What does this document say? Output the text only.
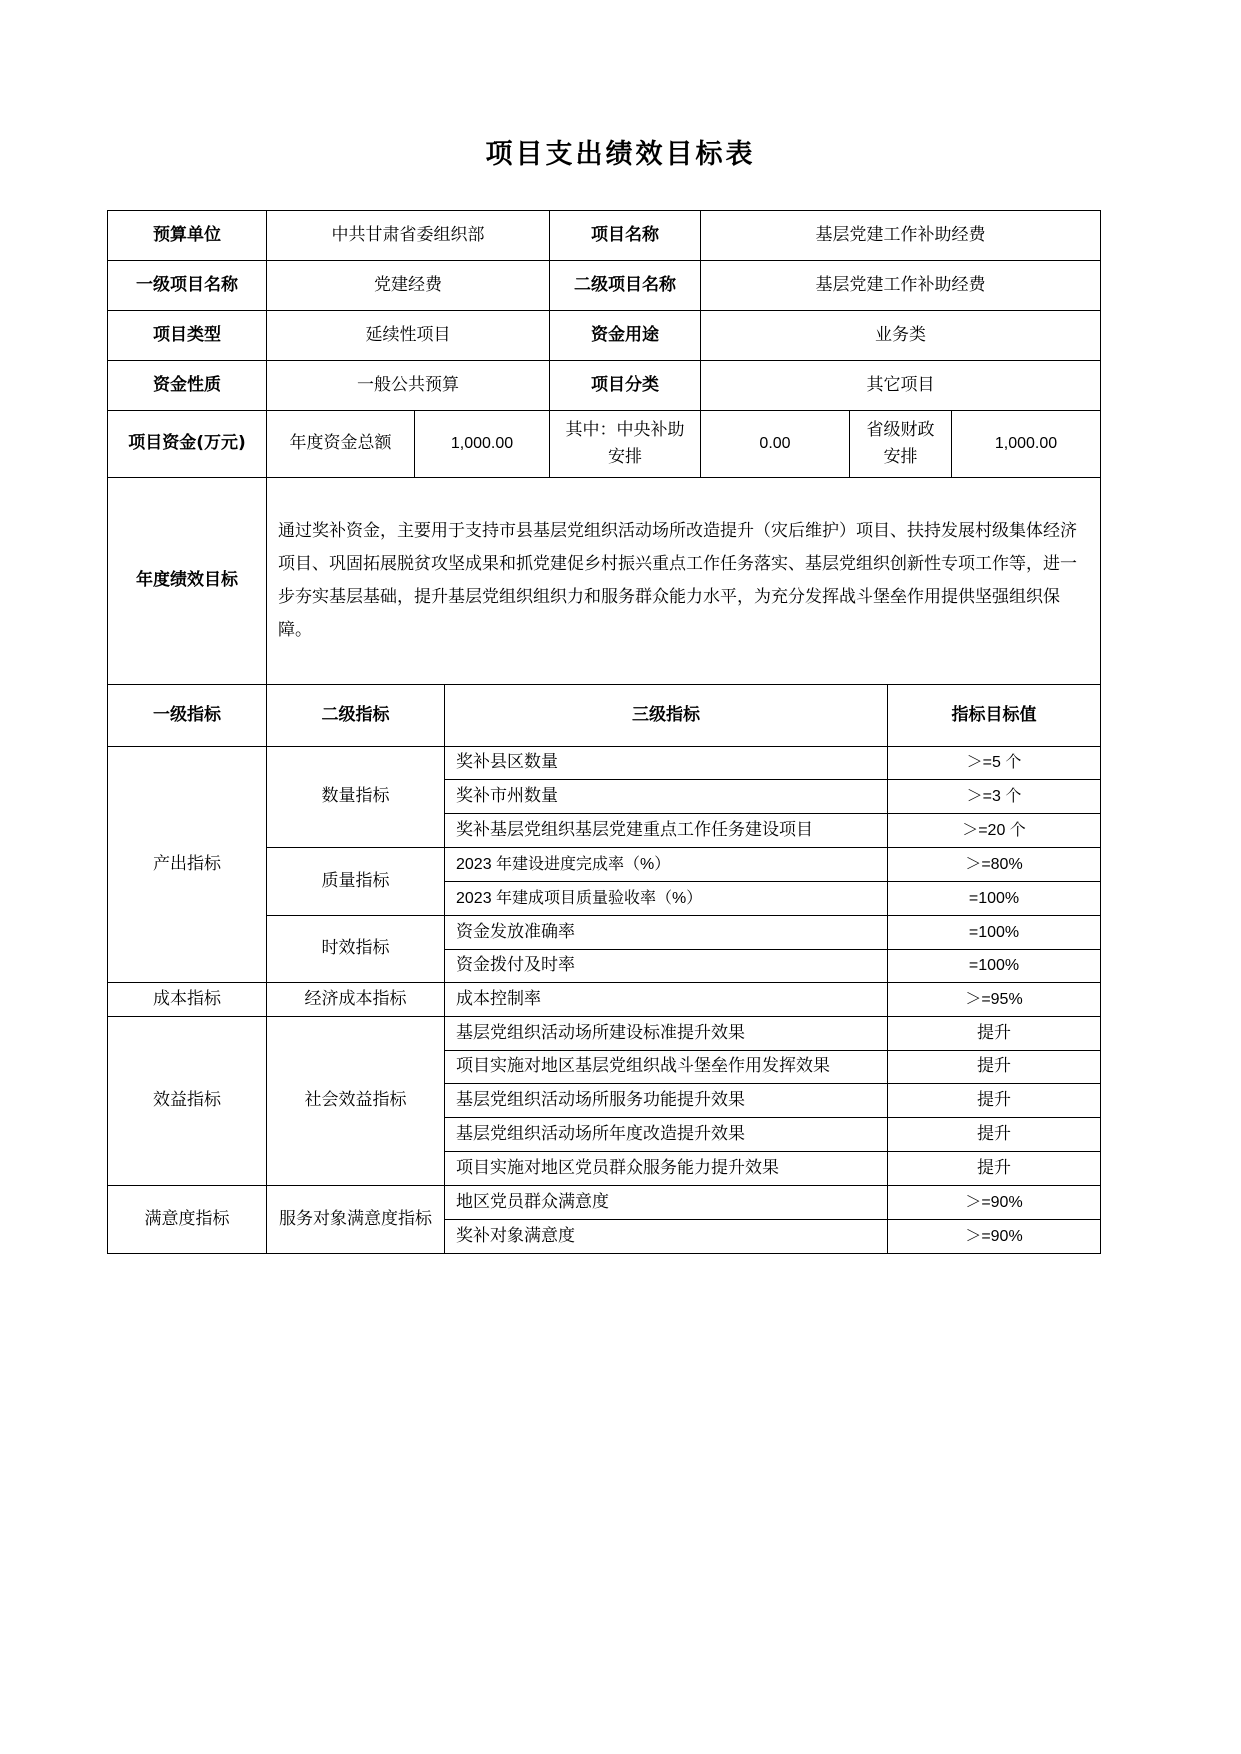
项目支出绩效目标表
预算单位	中共甘肃省委组织部		项目名称	基层党建工作补助经费		
一级项目名称	党建经费		二级项目名称	基层党建工作补助经费		
项目类型	延续性项目		资金用途	业务类		
资金性质	一般公共预算		项目分类	其它项目		
项目资金(万元)	年度资金总额	1,000.00	其中：中央补助安排	0.00	省级财政安排	1,000.00
年度绩效目标	通过奖补资金，主要用于支持市县基层党组织活动场所改造提升（灾后维护）项目、扶持发展村级集体经济项目、巩固拓展脱贫攻坚成果和抓党建促乡村振兴重点工作任务落实、基层党组织创新性专项工作等，进一步夯实基层基础，提升基层党组织组织力和服务群众能力水平，为充分发挥战斗堡垒作用提供坚强组织保障。					
一级指标	二级指标	三级指标	指标目标值
产出指标	数量指标	奖补县区数量	＞=5 个
		奖补市州数量	＞=3 个
		奖补基层党组织基层党建重点工作任务建设项目	＞=20 个
	质量指标	2023 年建设进度完成率（%）	＞=80%
		2023 年建成项目质量验收率（%）	=100%
	时效指标	资金发放准确率	=100%
		资金拨付及时率	=100%
成本指标	经济成本指标	成本控制率	＞=95%
效益指标	社会效益指标	基层党组织活动场所建设标准提升效果	提升
		项目实施对地区基层党组织战斗堡垒作用发挥效果	提升
		基层党组织活动场所服务功能提升效果	提升
		基层党组织活动场所年度改造提升效果	提升
		项目实施对地区党员群众服务能力提升效果	提升
满意度指标	服务对象满意度指标	地区党员群众满意度	＞=90%
		奖补对象满意度	＞=90%
